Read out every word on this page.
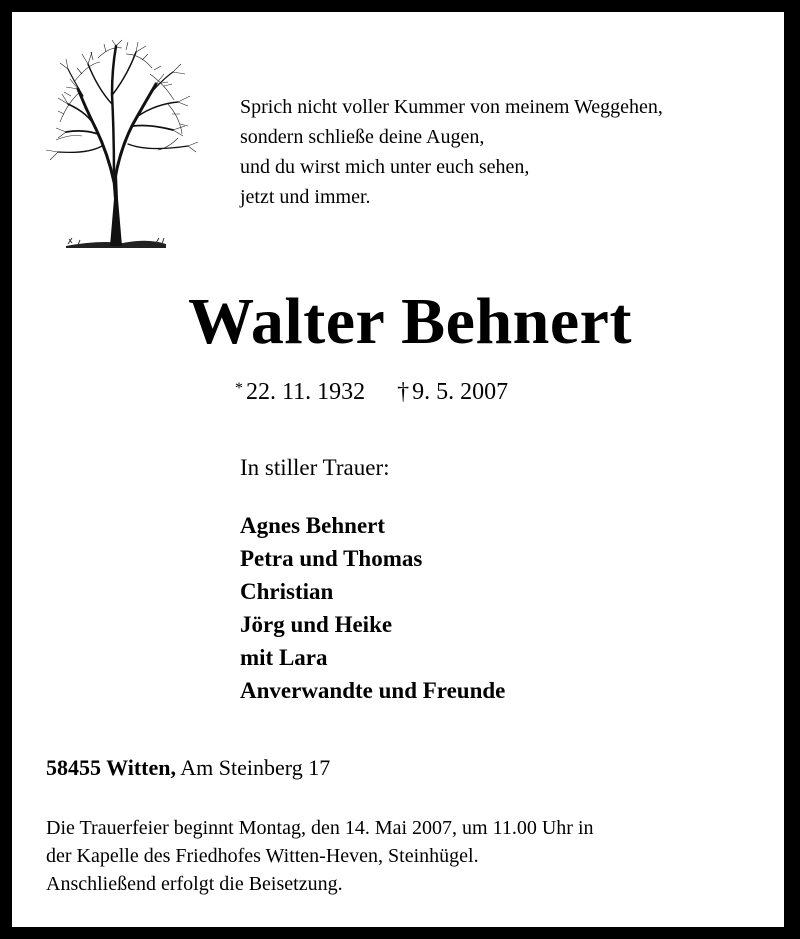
Sprich nicht voller Kummer von meinem Weggehen,
sondern schließe deine Augen,
und du wirst mich unter euch sehen,
jetzt und immer.
Walter Behnert
* 22. 11. 1932 † 9. 5. 2007
In stiller Trauer:
Agnes Behnert
Petra und Thomas
Christian
Jörg und Heike
mit Lara
Anverwandte und Freunde
58455 Witten, Am Steinberg 17
Die Trauerfeier beginnt Montag, den 14. Mai 2007, um 11.00 Uhr in
der Kapelle des Friedhofes Witten-Heven, Steinhügel.
Anschließend erfolgt die Beisetzung.
